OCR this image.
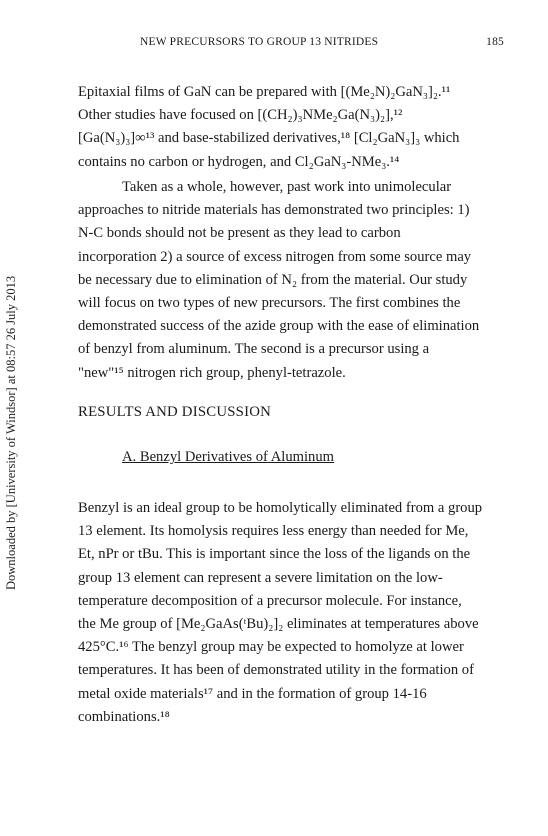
NEW PRECURSORS TO GROUP 13 NITRIDES	185
Downloaded by [University of Windsor] at 08:57 26 July 2013
Epitaxial films of GaN can be prepared with [(Me₂N)₂GaN₃]₂.¹¹
Other studies have focused on [(CH₂)₃NMe₂Ga(N₃)₂],¹²
[Ga(N₃)₃]∞¹³ and base-stabilized derivatives,¹⁸ [Cl₂GaN₃]₃ which
contains no carbon or hydrogen, and Cl₂GaN₃-NMe₃.¹⁴
Taken as a whole, however, past work into unimolecular
approaches to nitride materials has demonstrated two principles: 1)
N-C bonds should not be present as they lead to carbon
incorporation 2) a source of excess nitrogen from some source may
be necessary due to elimination of N₂ from the material. Our study
will focus on two types of new precursors. The first combines the
demonstrated success of the azide group with the ease of elimination
of benzyl from aluminum. The second is a precursor using a
"new"¹⁵ nitrogen rich group, phenyl-tetrazole.
RESULTS AND DISCUSSION
A. Benzyl Derivatives of Aluminum
Benzyl is an ideal group to be homolytically eliminated from a group
13 element. Its homolysis requires less energy than needed for Me,
Et, nPr or tBu. This is important since the loss of the ligands on the
group 13 element can represent a severe limitation on the low-
temperature decomposition of a precursor molecule. For instance,
the Me group of [Me₂GaAs(ᵗBu)₂]₂ eliminates at temperatures above
425°C.¹⁶ The benzyl group may be expected to homolyze at lower
temperatures. It has been of demonstrated utility in the formation of
metal oxide materials¹⁷ and in the formation of group 14-16
combinations.¹⁸
